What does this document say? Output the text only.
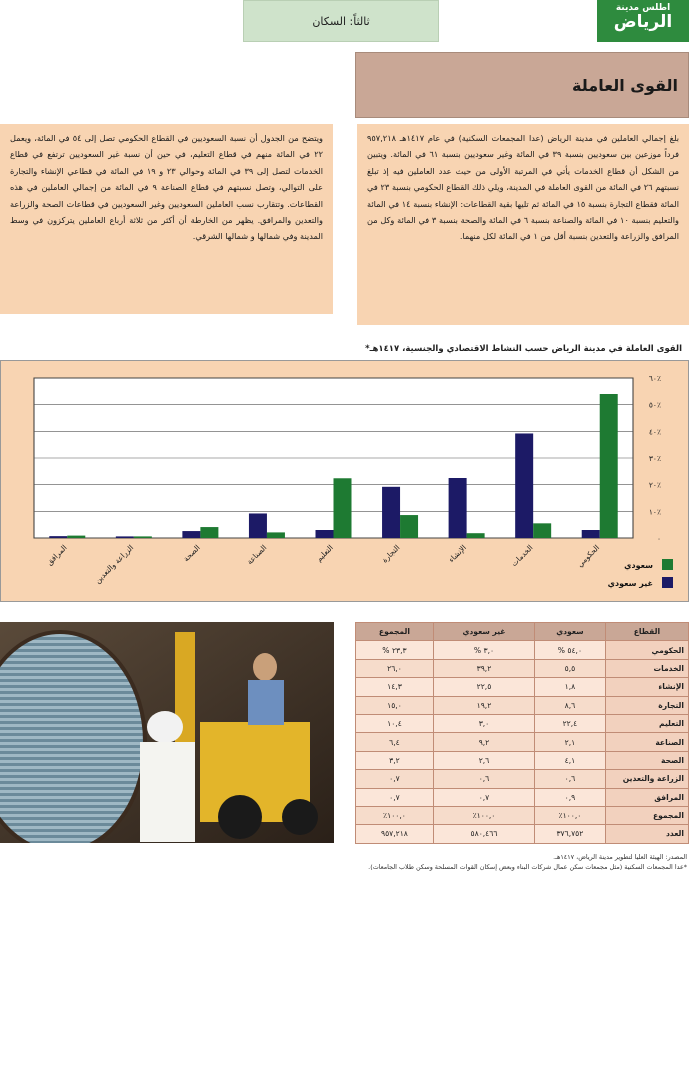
ثالثاً: السكان
اطلس مدينة
الرياض
القوى العاملة
بلغ إجمالي العاملين في مدينة الرياض (عدا المجمعات السكنية) في عام ١٤١٧هـ ٩٥٧,٢١٨ فرداً موزعين بين سعوديين بنسبة ٣٩ في المائة وغير سعوديين بنسبة ٦١ في المائة. ويتبين من الشكل أن قطاع الخدمات يأتي في المرتبة الأولى من حيث عدد العاملين فيه إذ تبلغ نسبتهم ٢٦ في المائة من القوى العاملة في المدينة، ويلي ذلك القطاع الحكومي بنسبة ٢٣ في المائة فقطاع التجارة بنسبة ١٥ في المائة ثم تليها بقية القطاعات: الإنشاء بنسبة ١٤ في المائة والتعليم بنسبة ١٠ في المائة والصناعة بنسبة ٦ في المائة والصحة بنسبة ٣ في المائة وكل من المرافق والزراعة والتعدين بنسبة أقل من ١ في المائة لكل منهما.
ويتضح من الجدول أن نسبة السعوديين في القطاع الحكومي تصل إلى ٥٤ في المائة، ويعمل ٢٢ في المائة منهم في قطاع التعليم، في حين أن نسبة غير السعوديين ترتفع في قطاع الخدمات لتصل إلى ٣٩ في المائة وحوالي ٢٣ و ١٩ في المائة في قطاعي الإنشاء والتجارة على التوالي، وتصل نسبتهم في قطاع الصناعة ٩ في المائة من إجمالي العاملين في هذه القطاعات. وتتقارب نسب العاملين السعوديين وغير السعوديين في قطاعات الصحة والزراعة والتعدين والمرافق. يظهر من الخارطة أن أكثر من ثلاثة أرباع العاملين يتركزون في وسط المدينة وفي شمالها و شمالها الشرقي.
القوى العاملة في مدينة الرياض حسب النشاط الاقتصادي والجنسية، ١٤١٧هـ*
٠
١٠٪
٢٠٪
٣٠٪
٤٠٪
٥٠٪
٦٠٪
الحكومي
الخدمات
الإنشاء
التجارة
التعليم
الصناعة
الصحة
الزراعة والتعدين
المرافق	سعودي
غير سعودي
القطاع	سعودي	غير سعودي	المجموع
الحكومي	٥٤,٠ %	٣,٠ %	٢٣,٣ %
الخدمات	٥,٥	٣٩,٢	٢٦,٠
الإنشاء	١,٨	٢٢,٥	١٤,٣
التجارة	٨,٦	١٩,٢	١٥,٠
التعليم	٢٢,٤	٣,٠	١٠,٤
الصناعة	٢,١	٩,٢	٦,٤
الصحة	٤,١	٢,٦	٣,٢
الزراعة والتعدين	٠,٦	٠,٦	٠,٧
المرافق	٠,٩	٠,٧	٠,٧
المجموع	١٠٠,٠٪	١٠٠,٠٪	١٠٠,٠٪
العدد	٣٧٦,٧٥٢	٥٨٠,٤٦٦	٩٥٧,٢١٨
المصدر: الهيئة العليا لتطوير مدينة الرياض، ١٤١٧هـ.
*عدا المجمعات السكنية (مثل مجمعات سكن عمال شركات البناء وبعض إسكان القوات المسلحة وسكن طلاب الجامعات).
